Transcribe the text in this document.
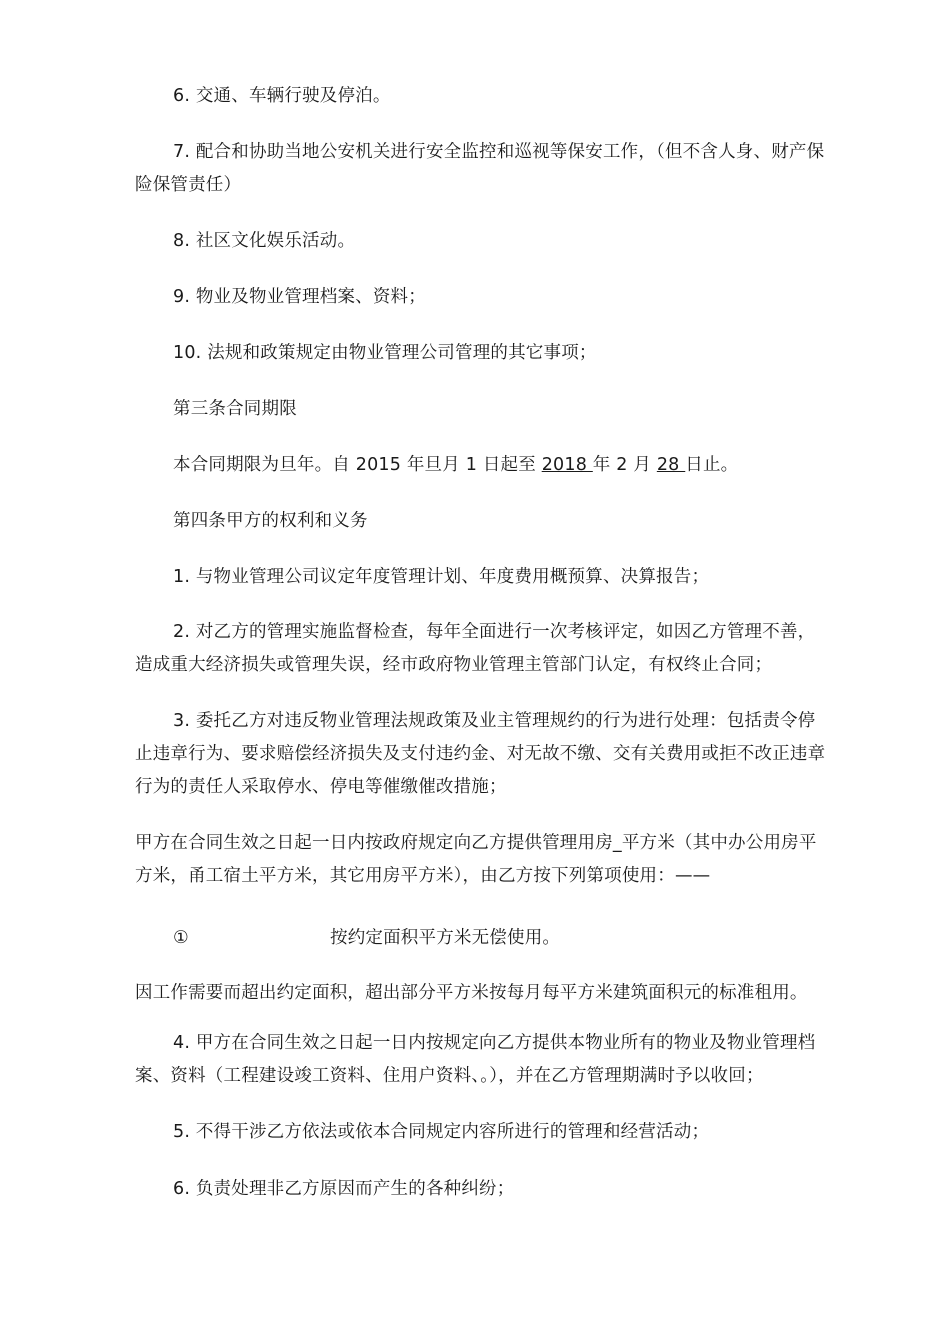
6. 交通、车辆行驶及停泊。

7. 配合和协助当地公安机关进行安全监控和巡视等保安工作，（但不含人身、财产保险保管责任）

8. 社区文化娱乐活动。

9. 物业及物业管理档案、资料；

10. 法规和政策规定由物业管理公司管理的其它事项；

第三条合同期限

本合同期限为旦年。自 2015 年旦月 1 日起至 2018 年 2 月 28 日止。

第四条甲方的权利和义务

1. 与物业管理公司议定年度管理计划、年度费用概预算、决算报告；

2. 对乙方的管理实施监督检查，每年全面进行一次考核评定，如因乙方管理不善，造成重大经济损失或管理失误，经市政府物业管理主管部门认定，有权终止合同；

3. 委托乙方对违反物业管理法规政策及业主管理规约的行为进行处理：包括责令停止违章行为、要求赔偿经济损失及支付违约金、对无故不缴、交有关费用或拒不改正违章行为的责任人采取停水、停电等催缴催改措施；

甲方在合同生效之日起一日内按政府规定向乙方提供管理用房_平方米（其中办公用房平方米，甬工宿土平方米，其它用房平方米），由乙方按下列第项使用：——

①	按约定面积平方米无偿使用。

因工作需要而超出约定面积，超出部分平方米按每月每平方米建筑面积元的标准租用。

4. 甲方在合同生效之日起一日内按规定向乙方提供本物业所有的物业及物业管理档案、资料（工程建设竣工资料、住用户资料、。），并在乙方管理期满时予以收回；

5. 不得干涉乙方依法或依本合同规定内容所进行的管理和经营活动；

6. 负责处理非乙方原因而产生的各种纠纷；
